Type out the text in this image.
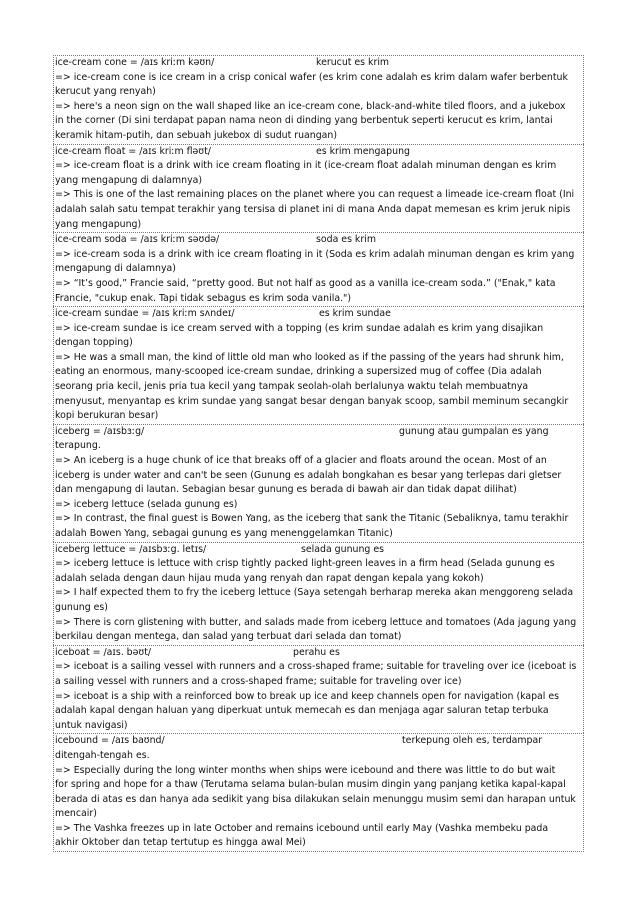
ice-cream cone = /aɪs kriːm kəʊn/	kerucut es krim
=> ice-cream cone is ice cream in a crisp conical wafer (es krim cone adalah es krim dalam wafer berbentuk
kerucut yang renyah)
=> here's a neon sign on the wall shaped like an ice-cream cone, black-and-white tiled floors, and a jukebox
in the corner (Di sini terdapat papan nama neon di dinding yang berbentuk seperti kerucut es krim, lantai
keramik hitam-putih, dan sebuah jukebox di sudut ruangan)
ice-cream float = /aɪs kriːm fləʊt/	es krim mengapung
=> ice-cream float is a drink with ice cream floating in it (ice-cream float adalah minuman dengan es krim
yang mengapung di dalamnya)
=> This is one of the last remaining places on the planet where you can request a limeade ice-cream float (Ini
adalah salah satu tempat terakhir yang tersisa di planet ini di mana Anda dapat memesan es krim jeruk nipis
yang mengapung)
ice-cream soda = /aɪs kriːm səʊdə/	soda es krim
=> ice-cream soda is a drink with ice cream floating in it (Soda es krim adalah minuman dengan es krim yang
mengapung di dalamnya)
=> “It’s good,” Francie said, “pretty good. But not half as good as a vanilla ice-cream soda.” ("Enak," kata
Francie, "cukup enak. Tapi tidak sebagus es krim soda vanila.")
ice-cream sundae = /aɪs kriːm sʌndeɪ/	es krim sundae
=> ice-cream sundae is ice cream served with a topping (es krim sundae adalah es krim yang disajikan
dengan topping)
=> He was a small man, the kind of little old man who looked as if the passing of the years had shrunk him,
eating an enormous, many-scooped ice-cream sundae, drinking a supersized mug of coffee (Dia adalah
seorang pria kecil, jenis pria tua kecil yang tampak seolah-olah berlalunya waktu telah membuatnya
menyusut, menyantap es krim sundae yang sangat besar dengan banyak scoop, sambil meminum secangkir
kopi berukuran besar)
iceberg = /aɪsbɜːg/	gunung atau gumpalan es yang
terapung.
=> An iceberg is a huge chunk of ice that breaks off of a glacier and floats around the ocean. Most of an
iceberg is under water and can't be seen (Gunung es adalah bongkahan es besar yang terlepas dari gletser
dan mengapung di lautan. Sebagian besar gunung es berada di bawah air dan tidak dapat dilihat)
=> iceberg lettuce (selada gunung es)
=> In contrast, the final guest is Bowen Yang, as the iceberg that sank the Titanic (Sebaliknya, tamu terakhir
adalah Bowen Yang, sebagai gunung es yang menenggelamkan Titanic)
iceberg lettuce = /aɪsbɜːg. letɪs/	selada gunung es
=> iceberg lettuce is lettuce with crisp tightly packed light-green leaves in a firm head (Selada gunung es
adalah selada dengan daun hijau muda yang renyah dan rapat dengan kepala yang kokoh)
=> I half expected them to fry the iceberg lettuce (Saya setengah berharap mereka akan menggoreng selada
gunung es)
=> There is corn glistening with butter, and salads made from iceberg lettuce and tomatoes (Ada jagung yang
berkilau dengan mentega, dan salad yang terbuat dari selada dan tomat)
iceboat = /aɪs. bəʊt/	perahu es
=> iceboat is a sailing vessel with runners and a cross-shaped frame; suitable for traveling over ice (iceboat is
a sailing vessel with runners and a cross-shaped frame; suitable for traveling over ice)
=> iceboat is a ship with a reinforced bow to break up ice and keep channels open for navigation (kapal es
adalah kapal dengan haluan yang diperkuat untuk memecah es dan menjaga agar saluran tetap terbuka
untuk navigasi)
icebound = /aɪs baʊnd/	terkepung oleh es, terdampar
ditengah-tengah es.
=> Especially during the long winter months when ships were icebound and there was little to do but wait
for spring and hope for a thaw (Terutama selama bulan-bulan musim dingin yang panjang ketika kapal-kapal
berada di atas es dan hanya ada sedikit yang bisa dilakukan selain menunggu musim semi dan harapan untuk
mencair)
=> The Vashka freezes up in late October and remains icebound until early May (Vashka membeku pada
akhir Oktober dan tetap tertutup es hingga awal Mei)
